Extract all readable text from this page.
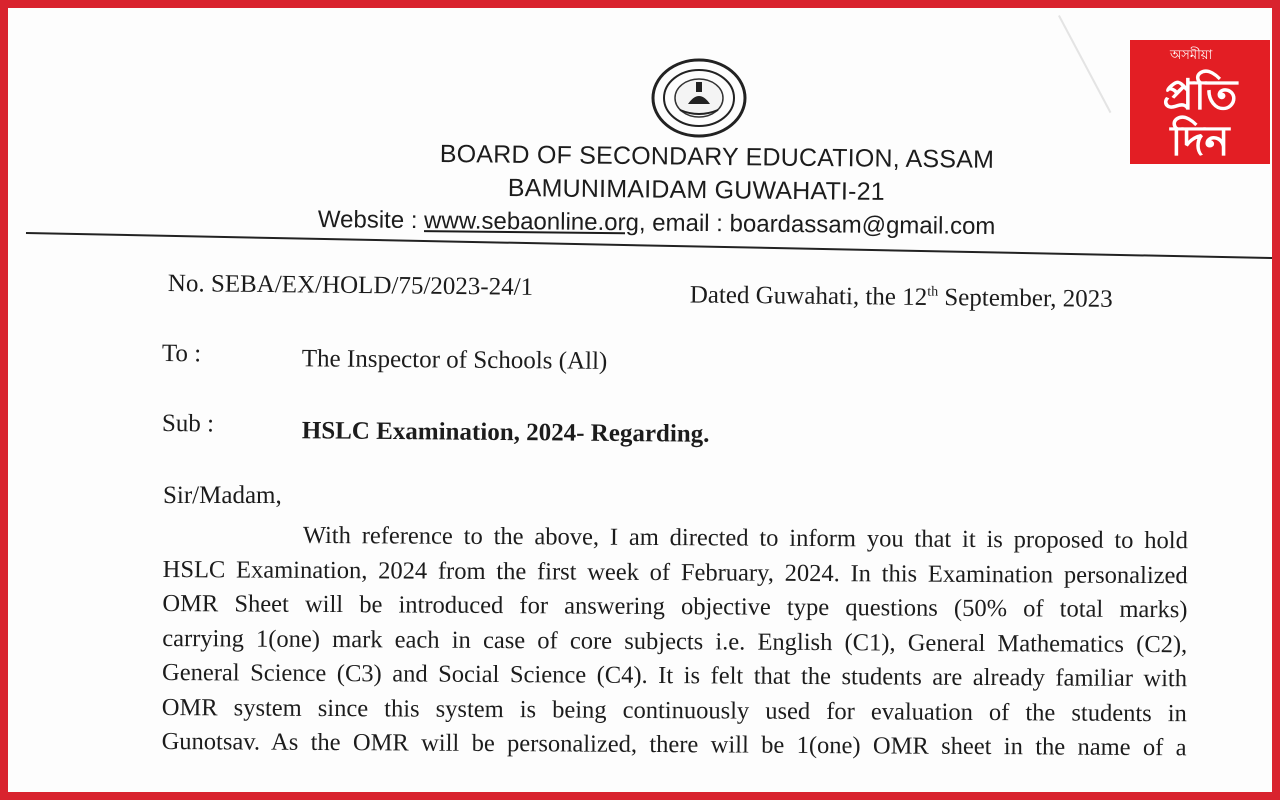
BOARD OF SECONDARY EDUCATION, ASSAM
BAMUNIMAIDAM GUWAHATI-21
Website : www.sebaonline.org, email : boardassam@gmail.com
No. SEBA/EX/HOLD/75/2023-24/1	Dated Guwahati, the 12th September, 2023
To :	The Inspector of Schools (All)
Sub :	HSLC Examination, 2024- Regarding.
Sir/Madam,
With reference to the above, I am directed to inform you that it is proposed to hold
HSLC Examination, 2024 from the first week of February, 2024. In this Examination personalized
OMR Sheet will be introduced for answering objective type questions (50% of total marks)
carrying 1(one) mark each in case of core subjects i.e. English (C1), General Mathematics (C2),
General Science (C3) and Social Science (C4). It is felt that the students are already familiar with
OMR system since this system is being continuously used for evaluation of the students in
Gunotsav. As the OMR will be personalized, there will be 1(one) OMR sheet in the name of a
অসমীয়া
প্রতি
দিন
